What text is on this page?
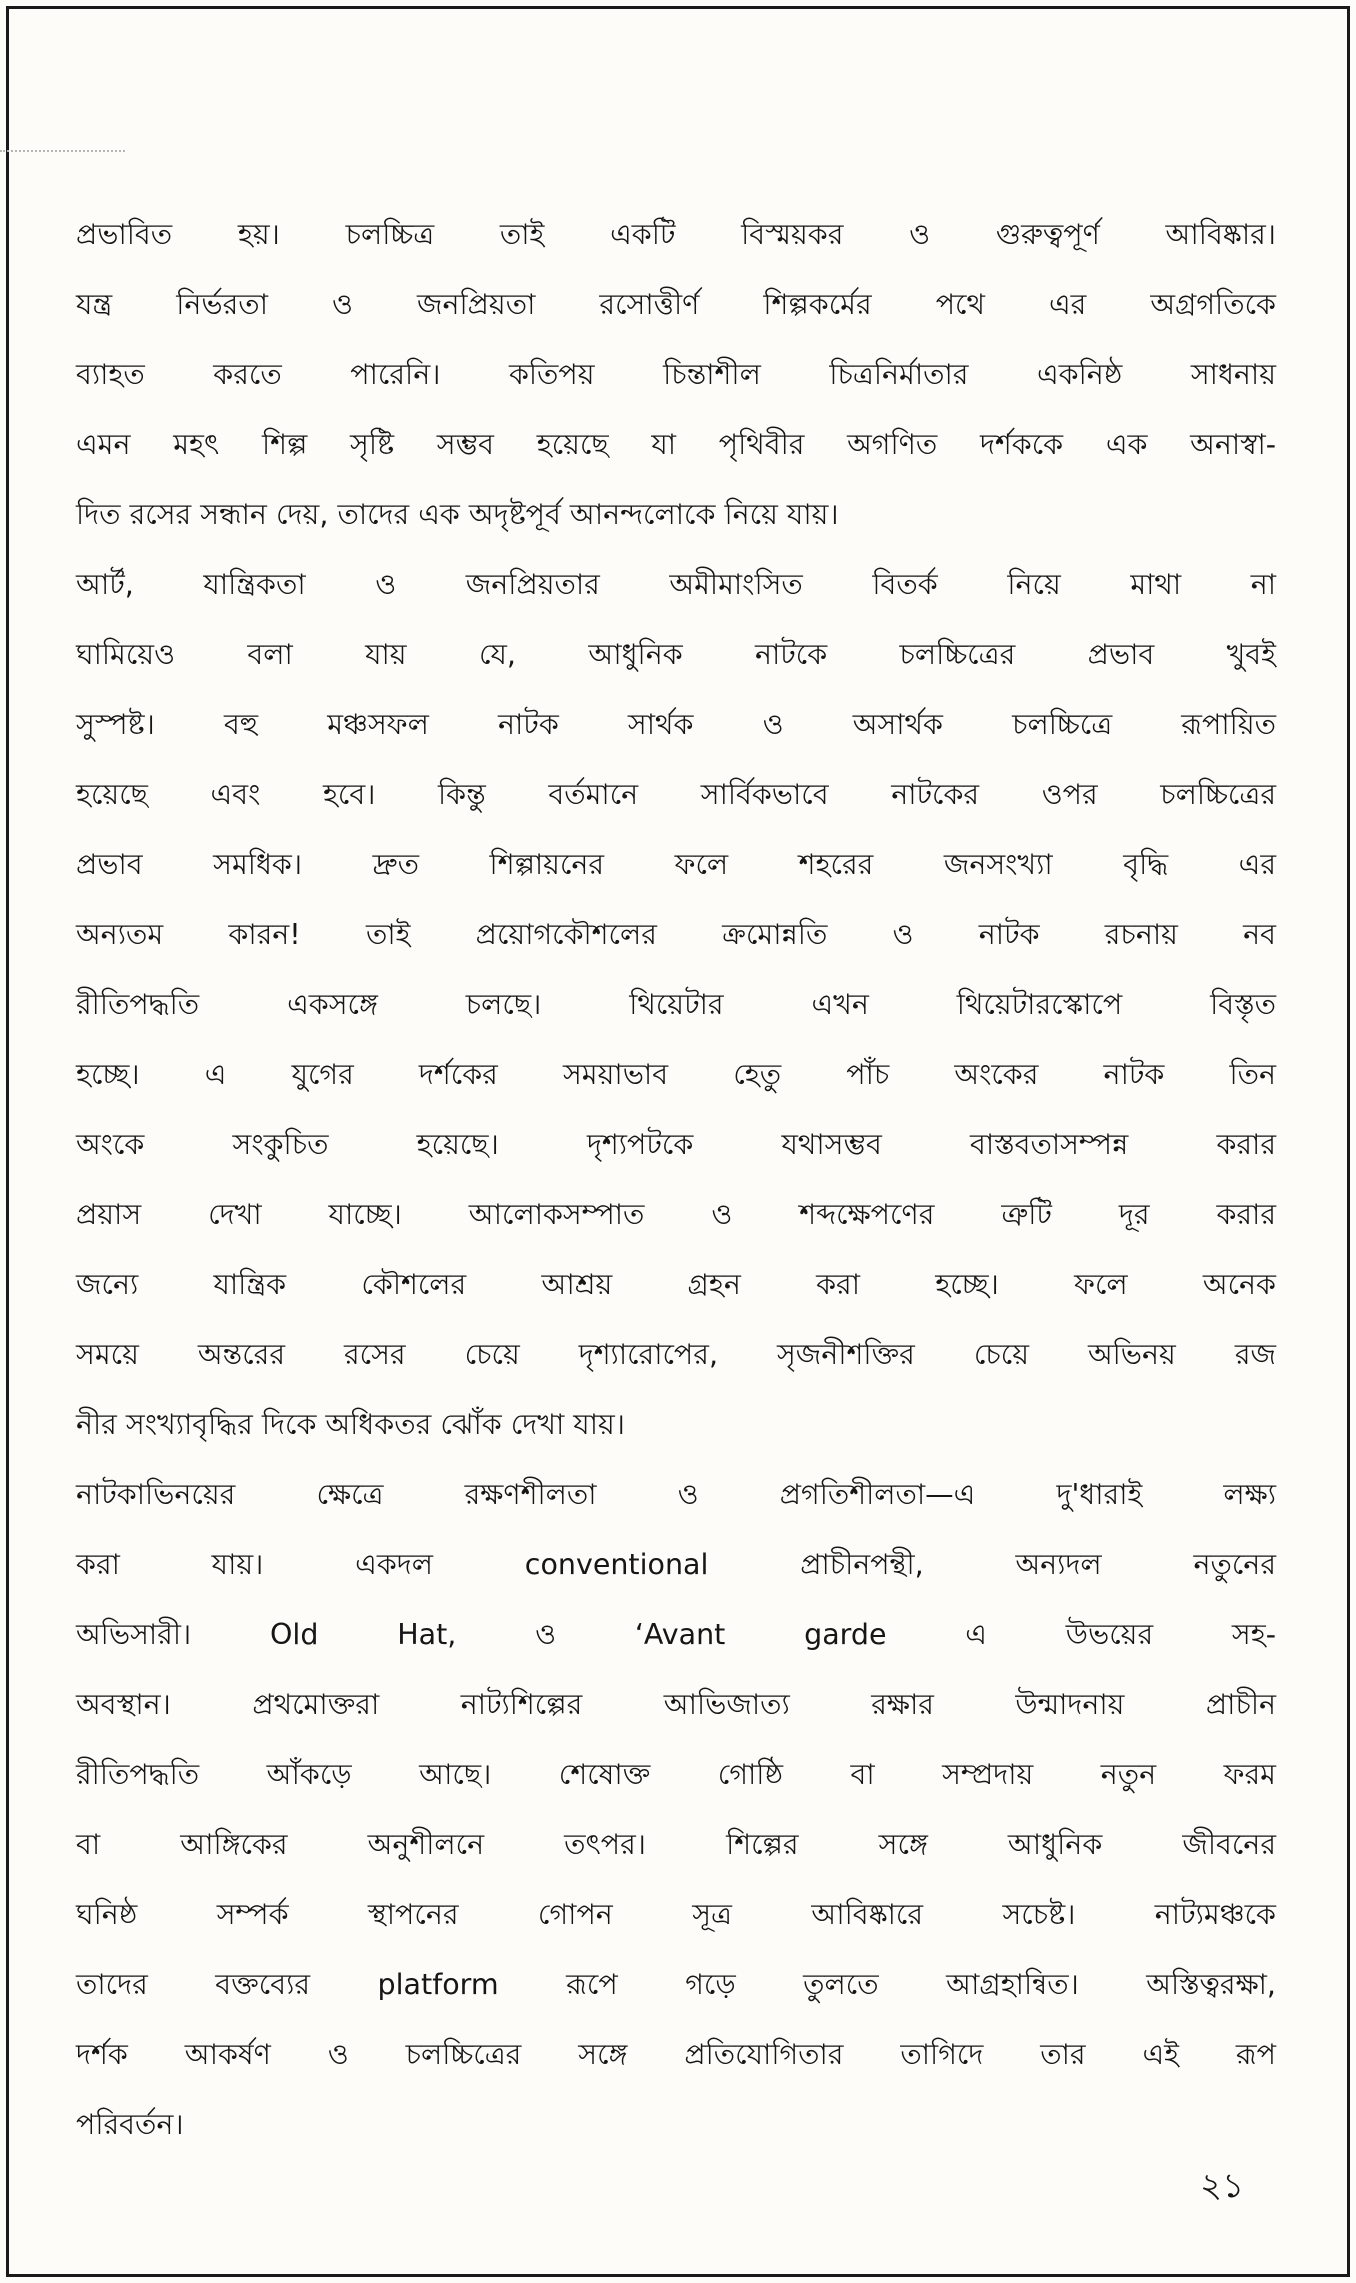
প্রভাবিত হয়। চলচ্চিত্র তাই একটি বিস্ময়কর ও গুরুত্বপূর্ণ আবিষ্কার।
যন্ত্র নির্ভরতা ও জনপ্রিয়তা রসোত্তীর্ণ শিল্পকর্মের পথে এর অগ্রগতিকে
ব্যাহত করতে পারেনি। কতিপয় চিন্তাশীল চিত্রনির্মাতার একনিষ্ঠ সাধনায়
এমন মহৎ শিল্প সৃষ্টি সম্ভব হয়েছে যা পৃথিবীর অগণিত দর্শককে এক অনাস্বা-
দিত রসের সন্ধান দেয়, তাদের এক অদৃষ্টপূর্ব আনন্দলোকে নিয়ে যায়।
আর্ট, যান্ত্রিকতা ও জনপ্রিয়তার অমীমাংসিত বিতর্ক নিয়ে মাথা না
ঘামিয়েও বলা যায় যে, আধুনিক নাটকে চলচ্চিত্রের প্রভাব খুবই
সুস্পষ্ট। বহু মঞ্চসফল নাটক সার্থক ও অসার্থক চলচ্চিত্রে রূপায়িত
হয়েছে এবং হবে। কিন্তু বর্তমানে সার্বিকভাবে নাটকের ওপর চলচ্চিত্রের
প্রভাব সমধিক। দ্রুত শিল্পায়নের ফলে শহরের জনসংখ্যা বৃদ্ধি এর
অন্যতম কারন! তাই প্রয়োগকৌশলের ক্রমোন্নতি ও নাটক রচনায় নব
রীতিপদ্ধতি একসঙ্গে চলছে। থিয়েটার এখন থিয়েটারস্কোপে বিস্তৃত
হচ্ছে। এ যুগের দর্শকের সময়াভাব হেতু পাঁচ অংকের নাটক তিন
অংকে সংকুচিত হয়েছে। দৃশ্যপটকে যথাসম্ভব বাস্তবতাসম্পন্ন করার
প্রয়াস দেখা যাচ্ছে। আলোকসম্পাত ও শব্দক্ষেপণের ত্রুটি দূর করার
জন্যে যান্ত্রিক কৌশলের আশ্রয় গ্রহন করা হচ্ছে। ফলে অনেক
সময়ে অন্তরের রসের চেয়ে দৃশ্যারোপের, সৃজনীশক্তির চেয়ে অভিনয় রজ
নীর সংখ্যাবৃদ্ধির দিকে অধিকতর ঝোঁক দেখা যায়।
নাটকাভিনয়ের ক্ষেত্রে রক্ষণশীলতা ও প্রগতিশীলতা—এ দু'ধারাই লক্ষ্য
করা যায়। একদল conventional প্রাচীনপন্থী, অন্যদল নতুনের
অভিসারী। Old Hat, ও ‘Avant garde এ উভয়ের সহ-
অবস্থান। প্রথমোক্তরা নাট্যশিল্পের আভিজাত্য রক্ষার উন্মাদনায় প্রাচীন
রীতিপদ্ধতি আঁকড়ে আছে। শেষোক্ত গোষ্ঠি বা সম্প্রদায় নতুন ফরম
বা আঙ্গিকের অনুশীলনে তৎপর। শিল্পের সঙ্গে আধুনিক জীবনের
ঘনিষ্ঠ সম্পর্ক স্থাপনের গোপন সূত্র আবিষ্কারে সচেষ্ট। নাট্যমঞ্চকে
তাদের বক্তব্যের platform রূপে গড়ে তুলতে আগ্রহান্বিত। অস্তিত্বরক্ষা,
দর্শক আকর্ষণ ও চলচ্চিত্রের সঙ্গে প্রতিযোগিতার তাগিদে তার এই রূপ
পরিবর্তন।
২১
